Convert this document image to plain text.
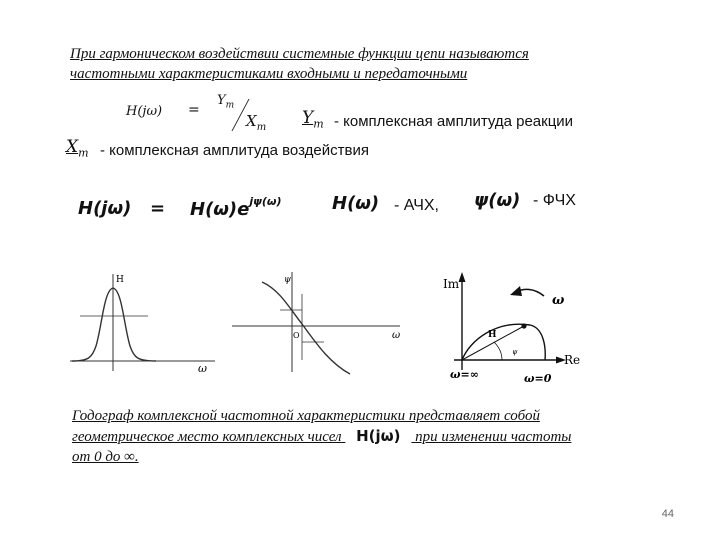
При гармоническом воздействии системные функции цепи называются
частотными характеристиками входными и передаточными
H(jω) =
$Y_m$
$X_m$ $Y_m$ - комплексная амплитуда реакции
$X_m$ - комплексная амплитуда воздействия
$H(j\omega) = H(\omega)e^{j\psi(\omega)}$	H(ω) - АЧХ, ψ(ω) - ФЧХ
H
ω
ψ
O	ω
Im
Re
ω
H
ψ
ω=∞	ω=0
Годограф комплексной частотной характеристики представляет собой
геометрическое место комплексных чисел H(jω) при изменении частоты
от 0 до ∞.
44
